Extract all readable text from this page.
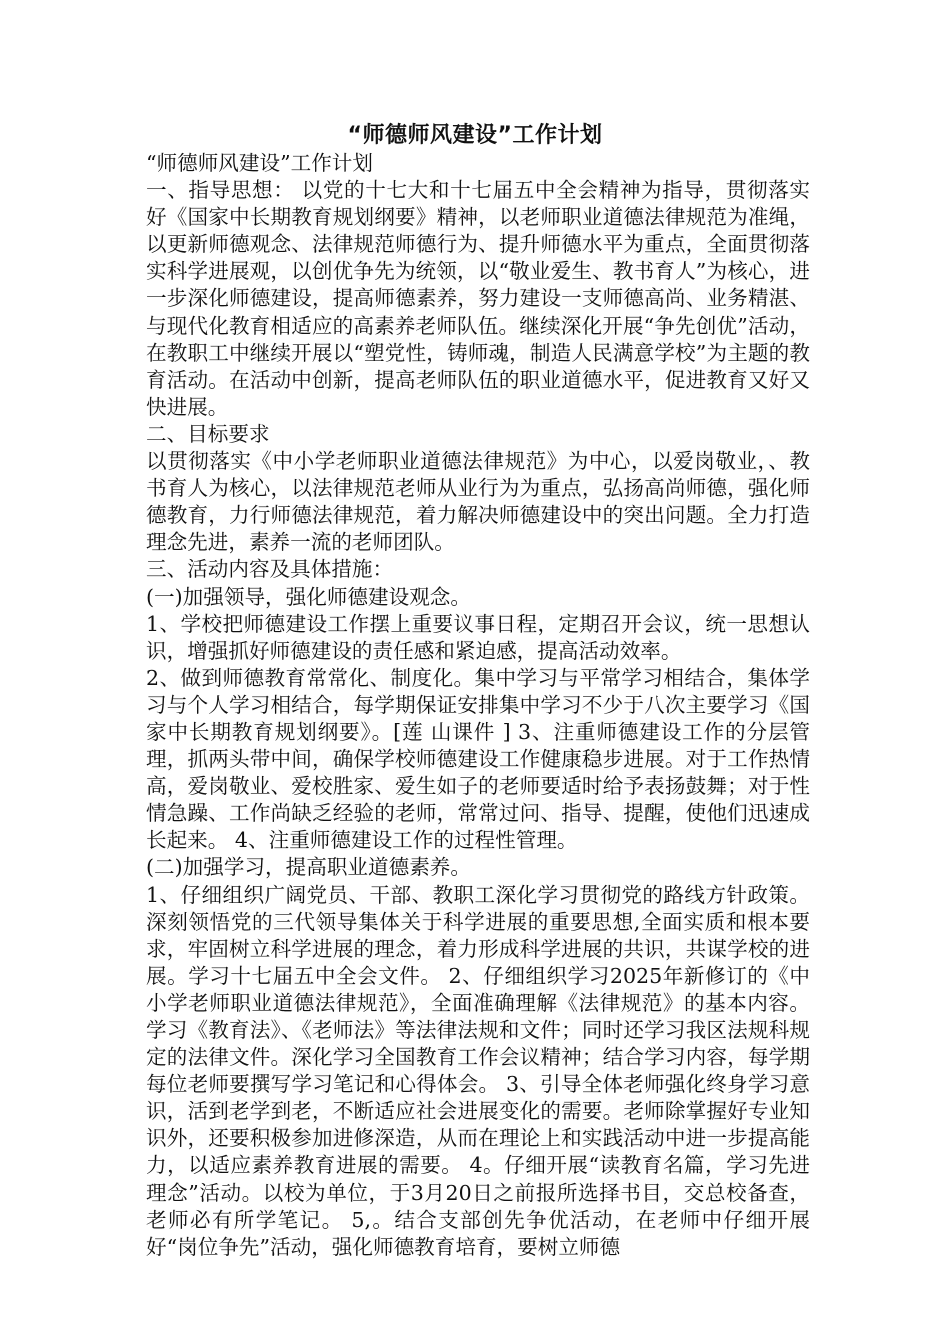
“师德师风建设”工作计划

“师德师风建设”工作计划

一、指导思想： 以党的十七大和十七届五中全会精神为指导，贯彻落实好《国家中长期教育规划纲要》精神，以老师职业道德法律规范为准绳，以更新师德观念、法律规范师德行为、提升师德水平为重点，全面贯彻落实科学进展观，以创优争先为统领，以“敬业爱生、教书育人”为核心，进一步深化师德建设，提高师德素养，努力建设一支师德高尚、业务精湛、与现代化教育相适应的高素养老师队伍。继续深化开展“争先创优”活动，在教职工中继续开展以“塑党性，铸师魂，制造人民满意学校”为主题的教育活动。在活动中创新，提高老师队伍的职业道德水平，促进教育又好又快进展。

二、目标要求

以贯彻落实《中小学老师职业道德法律规范》为中心，以爱岗敬业，、教书育人为核心，以法律规范老师从业行为为重点，弘扬高尚师德，强化师德教育，力行师德法律规范，着力解决师德建设中的突出问题。全力打造理念先进，素养一流的老师团队。

三、活动内容及具体措施：

(一)加强领导，强化师德建设观念。

1、学校把师德建设工作摆上重要议事日程，定期召开会议，统一思想认识，增强抓好师德建设的责任感和紧迫感，提高活动效率。

2、做到师德教育常常化、制度化。集中学习与平常学习相结合，集体学习与个人学习相结合，每学期保证安排集中学习不少于八次主要学习《国家中长期教育规划纲要》。[莲 山课件 ] 3、注重师德建设工作的分层管理，抓两头带中间，确保学校师德建设工作健康稳步进展。对于工作热情高，爱岗敬业、爱校胜家、爱生如子的老师要适时给予表扬鼓舞；对于性情急躁、工作尚缺乏经验的老师，常常过问、指导、提醒，使他们迅速成长起来。 4、注重师德建设工作的过程性管理。

(二)加强学习，提高职业道德素养。

1、仔细组织广阔党员、干部、教职工深化学习贯彻党的路线方针政策。深刻领悟党的三代领导集体关于科学进展的重要思想,全面实质和根本要求，牢固树立科学进展的理念，着力形成科学进展的共识，共谋学校的进展。学习十七届五中全会文件。 2、仔细组织学习2025年新修订的《中小学老师职业道德法律规范》，全面准确理解《法律规范》的基本内容。学习《教育法》、《老师法》等法律法规和文件；同时还学习我区法规科规定的法律文件。深化学习全国教育工作会议精神；结合学习内容，每学期每位老师要撰写学习笔记和心得体会。 3、引导全体老师强化终身学习意识，活到老学到老，不断适应社会进展变化的需要。老师除掌握好专业知识外，还要积极参加进修深造，从而在理论上和实践活动中进一步提高能力，以适应素养教育进展的需要。 4。仔细开展“读教育名篇，学习先进理念”活动。以校为单位，于3月20日之前报所选择书目，交总校备查，老师必有所学笔记。 5,。结合支部创先争优活动，在老师中仔细开展好“岗位争先”活动，强化师德教育培育，要树立师德
